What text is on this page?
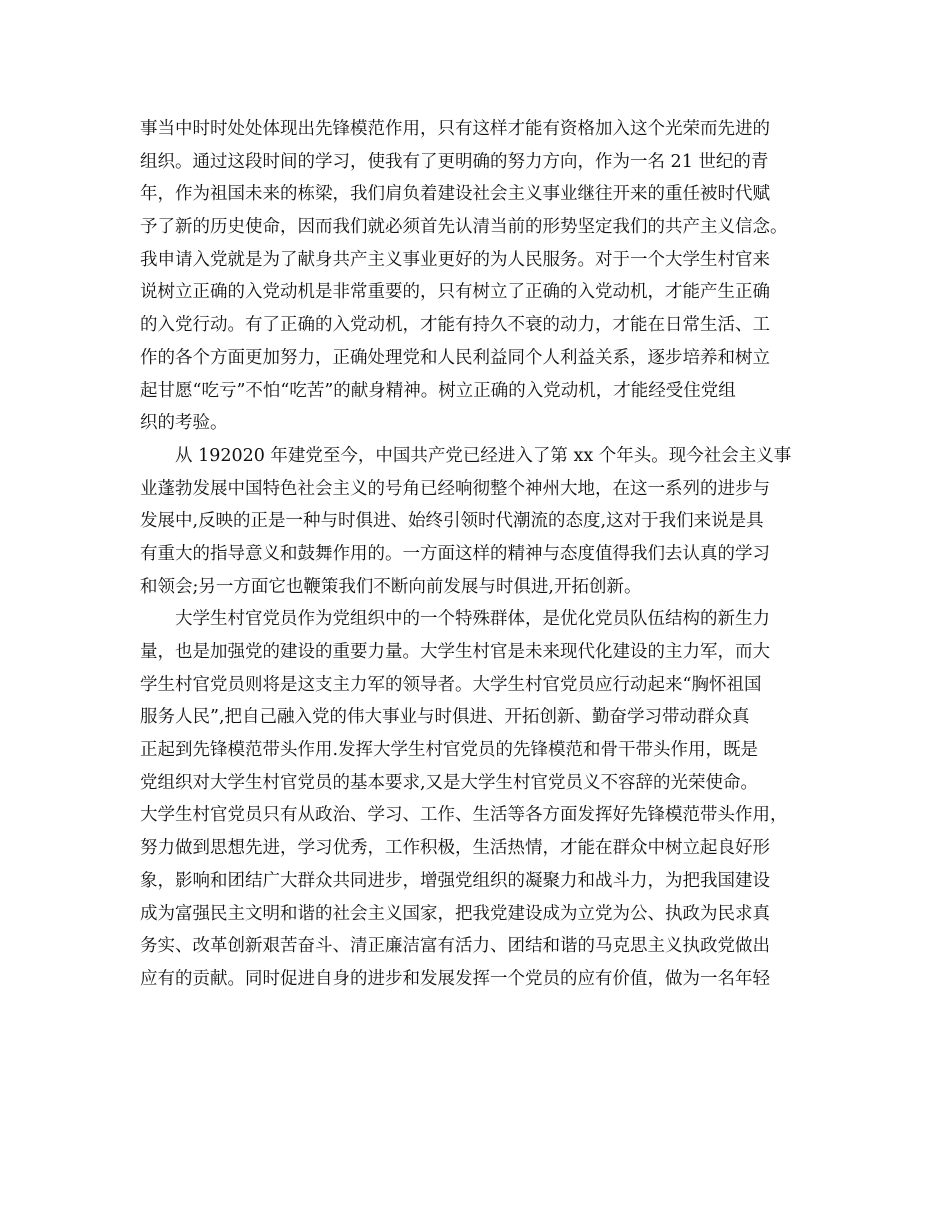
事当中时时处处体现出先锋模范作用，只有这样才能有资格加入这个光荣而先进的
组织。通过这段时间的学习，使我有了更明确的努力方向，作为一名 21 世纪的青
年，作为祖国未来的栋梁，我们肩负着建设社会主义事业继往开来的重任被时代赋
予了新的历史使命，因而我们就必须首先认清当前的形势坚定我们的共产主义信念。
我申请入党就是为了献身共产主义事业更好的为人民服务。对于一个大学生村官来
说树立正确的入党动机是非常重要的，只有树立了正确的入党动机，才能产生正确
的入党行动。有了正确的入党动机，才能有持久不衰的动力，才能在日常生活、工
作的各个方面更加努力，正确处理党和人民利益同个人利益关系，逐步培养和树立
起甘愿“吃亏”不怕“吃苦”的献身精神。树立正确的入党动机，才能经受住党组
织的考验。
从 192020 年建党至今，中国共产党已经进入了第 xx 个年头。现今社会主义事
业蓬勃发展中国特色社会主义的号角已经响彻整个神州大地，在这一系列的进步与
发展中,反映的正是一种与时俱进、始终引领时代潮流的态度,这对于我们来说是具
有重大的指导意义和鼓舞作用的。一方面这样的精神与态度值得我们去认真的学习
和领会;另一方面它也鞭策我们不断向前发展与时俱进,开拓创新。
大学生村官党员作为党组织中的一个特殊群体，是优化党员队伍结构的新生力
量，也是加强党的建设的重要力量。大学生村官是未来现代化建设的主力军，而大
学生村官党员则将是这支主力军的领导者。大学生村官党员应行动起来“胸怀祖国
服务人民”,把自己融入党的伟大事业与时俱进、开拓创新、勤奋学习带动群众真
正起到先锋模范带头作用.发挥大学生村官党员的先锋模范和骨干带头作用，既是
党组织对大学生村官党员的基本要求,又是大学生村官党员义不容辞的光荣使命。
大学生村官党员只有从政治、学习、工作、生活等各方面发挥好先锋模范带头作用，
努力做到思想先进，学习优秀，工作积极，生活热情，才能在群众中树立起良好形
象，影响和团结广大群众共同进步，增强党组织的凝聚力和战斗力，为把我国建设
成为富强民主文明和谐的社会主义国家，把我党建设成为立党为公、执政为民求真
务实、改革创新艰苦奋斗、清正廉洁富有活力、团结和谐的马克思主义执政党做出
应有的贡献。同时促进自身的进步和发展发挥一个党员的应有价值，做为一名年轻
